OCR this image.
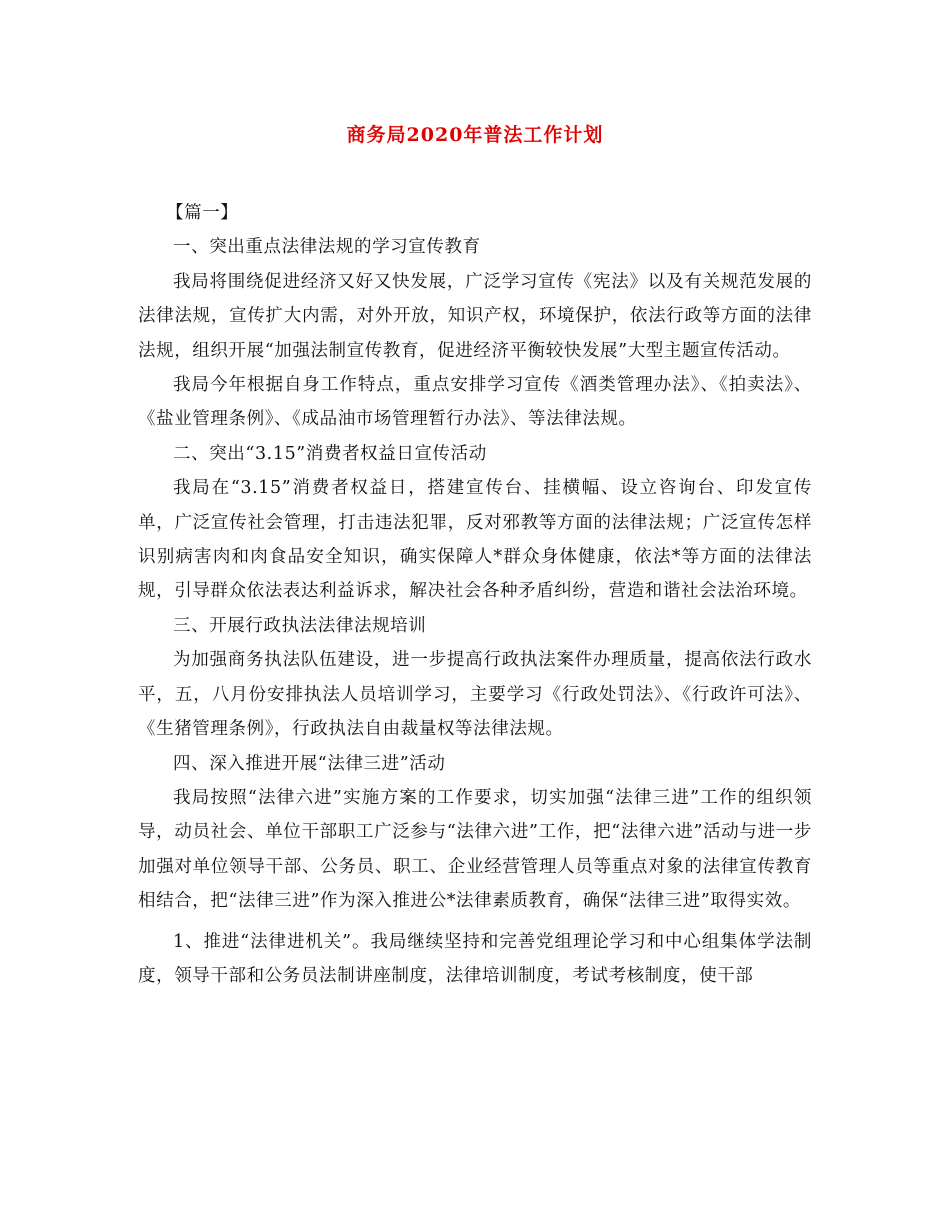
商务局2020年普法工作计划

【篇一】

一、突出重点法律法规的学习宣传教育

我局将围绕促进经济又好又快发展，广泛学习宣传《宪法》以及有关规范发展的法律法规，宣传扩大内需，对外开放，知识产权，环境保护，依法行政等方面的法律法规，组织开展“加强法制宣传教育，促进经济平衡较快发展”大型主题宣传活动。

我局今年根据自身工作特点，重点安排学习宣传《酒类管理办法》、《拍卖法》、《盐业管理条例》、《成品油市场管理暂行办法》、等法律法规。

二、突出“3.15”消费者权益日宣传活动

我局在“3.15”消费者权益日，搭建宣传台、挂横幅、设立咨询台、印发宣传单，广泛宣传社会管理，打击违法犯罪，反对邪教等方面的法律法规；广泛宣传怎样识别病害肉和肉食品安全知识，确实保障人*群众身体健康，依法*等方面的法律法规，引导群众依法表达利益诉求，解决社会各种矛盾纠纷，营造和谐社会法治环境。

三、开展行政执法法律法规培训

为加强商务执法队伍建设，进一步提高行政执法案件办理质量，提高依法行政水平，五，八月份安排执法人员培训学习，主要学习《行政处罚法》、《行政许可法》、《生猪管理条例》，行政执法自由裁量权等法律法规。

四、深入推进开展“法律三进”活动

我局按照“法律六进”实施方案的工作要求，切实加强“法律三进”工作的组织领导，动员社会、单位干部职工广泛参与“法律六进”工作，把“法律六进”活动与进一步加强对单位领导干部、公务员、职工、企业经营管理人员等重点对象的法律宣传教育相结合，把“法律三进”作为深入推进公*法律素质教育，确保“法律三进”取得实效。

1、推进“法律进机关”。我局继续坚持和完善党组理论学习和中心组集体学法制度，领导干部和公务员法制讲座制度，法律培训制度，考试考核制度，使干部
